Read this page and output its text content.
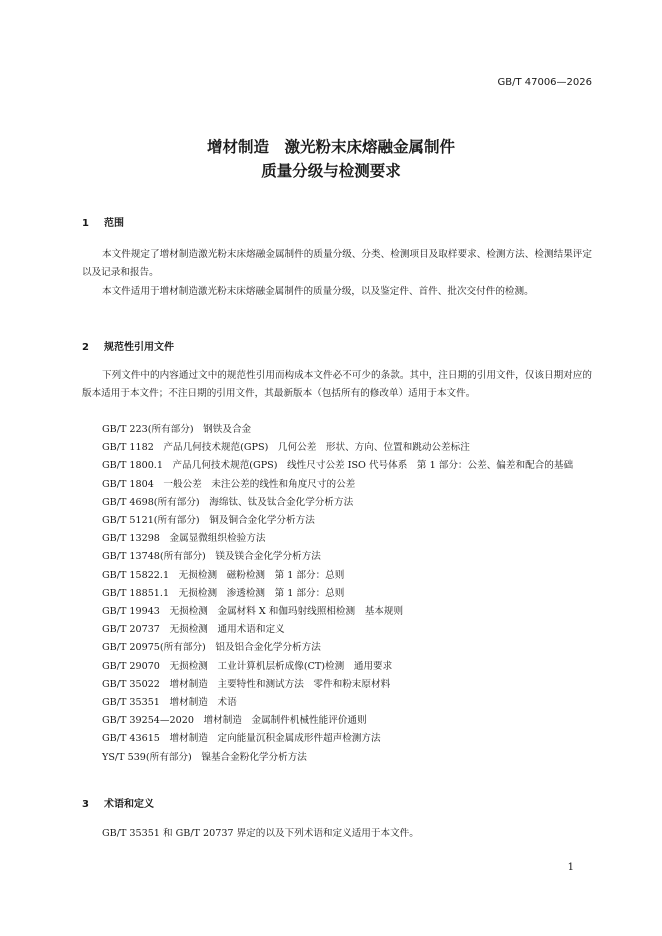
GB/T 47006—2026
增材制造　激光粉末床熔融金属制件
质量分级与检测要求
1 范围

本文件规定了增材制造激光粉末床熔融金属制件的质量分级、分类、检测项目及取样要求、检测方法、检测结果评定以及记录和报告。

本文件适用于增材制造激光粉末床熔融金属制件的质量分级，以及鉴定件、首件、批次交付件的检测。

2 规范性引用文件

下列文件中的内容通过文中的规范性引用而构成本文件必不可少的条款。其中，注日期的引用文件，仅该日期对应的版本适用于本文件；不注日期的引用文件，其最新版本（包括所有的修改单）适用于本文件。

GB/T 223(所有部分)　钢铁及合金
GB/T 1182　产品几何技术规范(GPS)　几何公差　形状、方向、位置和跳动公差标注
GB/T 1800.1　产品几何技术规范(GPS)　线性尺寸公差 ISO 代号体系　第 1 部分：公差、偏差和配合的基础
GB/T 1804　一般公差　未注公差的线性和角度尺寸的公差
GB/T 4698(所有部分)　海绵钛、钛及钛合金化学分析方法
GB/T 5121(所有部分)　铜及铜合金化学分析方法
GB/T 13298　金属显微组织检验方法
GB/T 13748(所有部分)　镁及镁合金化学分析方法
GB/T 15822.1　无损检测　磁粉检测　第 1 部分：总则
GB/T 18851.1　无损检测　渗透检测　第 1 部分：总则
GB/T 19943　无损检测　金属材料 X 和伽玛射线照相检测　基本规则
GB/T 20737　无损检测　通用术语和定义
GB/T 20975(所有部分)　铝及铝合金化学分析方法
GB/T 29070　无损检测　工业计算机层析成像(CT)检测　通用要求
GB/T 35022　增材制造　主要特性和测试方法　零件和粉末原材料
GB/T 35351　增材制造　术语
GB/T 39254—2020　增材制造　金属制件机械性能评价通则
GB/T 43615　增材制造　定向能量沉积金属成形件超声检测方法
YS/T 539(所有部分)　镍基合金粉化学分析方法
3 术语和定义

GB/T 35351 和 GB/T 20737 界定的以及下列术语和定义适用于本文件。

1
